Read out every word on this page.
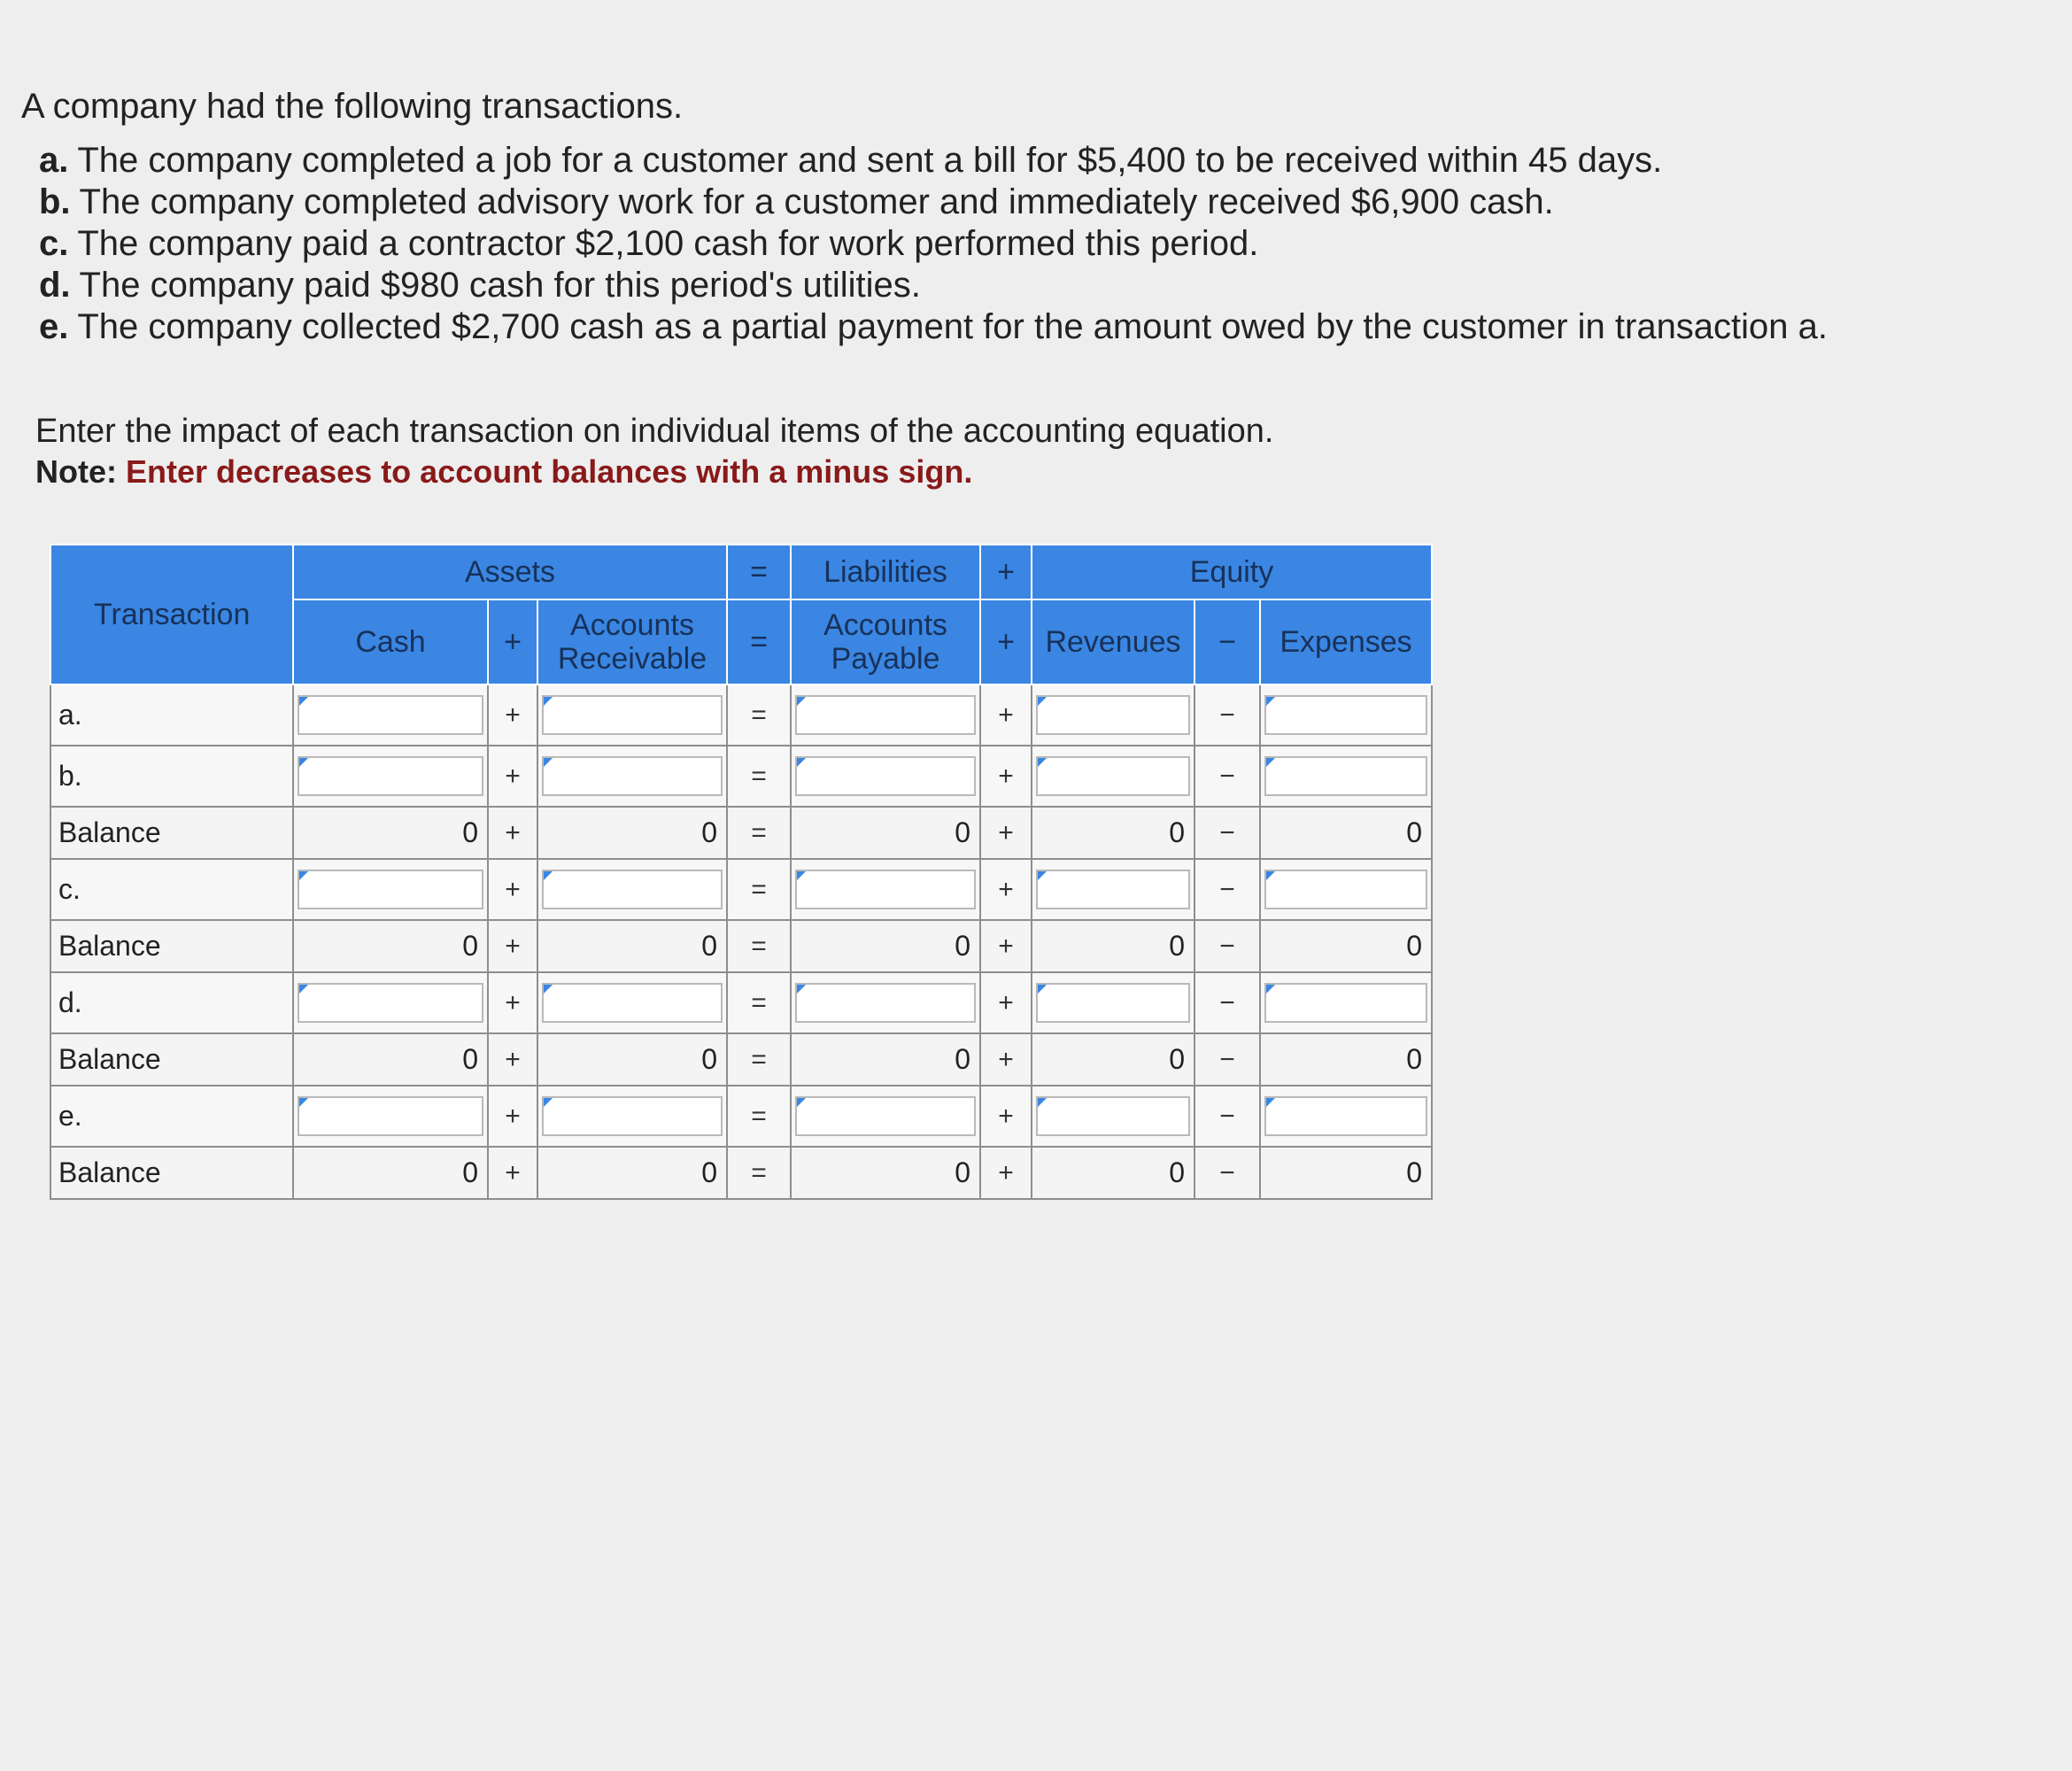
A company had the following transactions.

a. The company completed a job for a customer and sent a bill for $5,400 to be received within 45 days.
b. The company completed advisory work for a customer and immediately received $6,900 cash.
c. The company paid a contractor $2,100 cash for work performed this period.
d. The company paid $980 cash for this period's utilities.
e. The company collected $2,700 cash as a partial payment for the amount owed by the customer in transaction a.
Enter the impact of each transaction on individual items of the accounting equation.
Note: Enter decreases to account balances with a minus sign.
Transaction	Assets			=	Liabilities	+	Equity		
	Cash	+	Accounts Receivable	=	Accounts Payable	+	Revenues	−	Expenses
a.		+		=		+		−	

b.		+		=		+		−	

Balance	0	+	0	=	0	+	0	−	0
c.		+		=		+		−	

Balance	0	+	0	=	0	+	0	−	0
d.		+		=		+		−	

Balance	0	+	0	=	0	+	0	−	0
e.		+		=		+		−	

Balance	0	+	0	=	0	+	0	−	0
